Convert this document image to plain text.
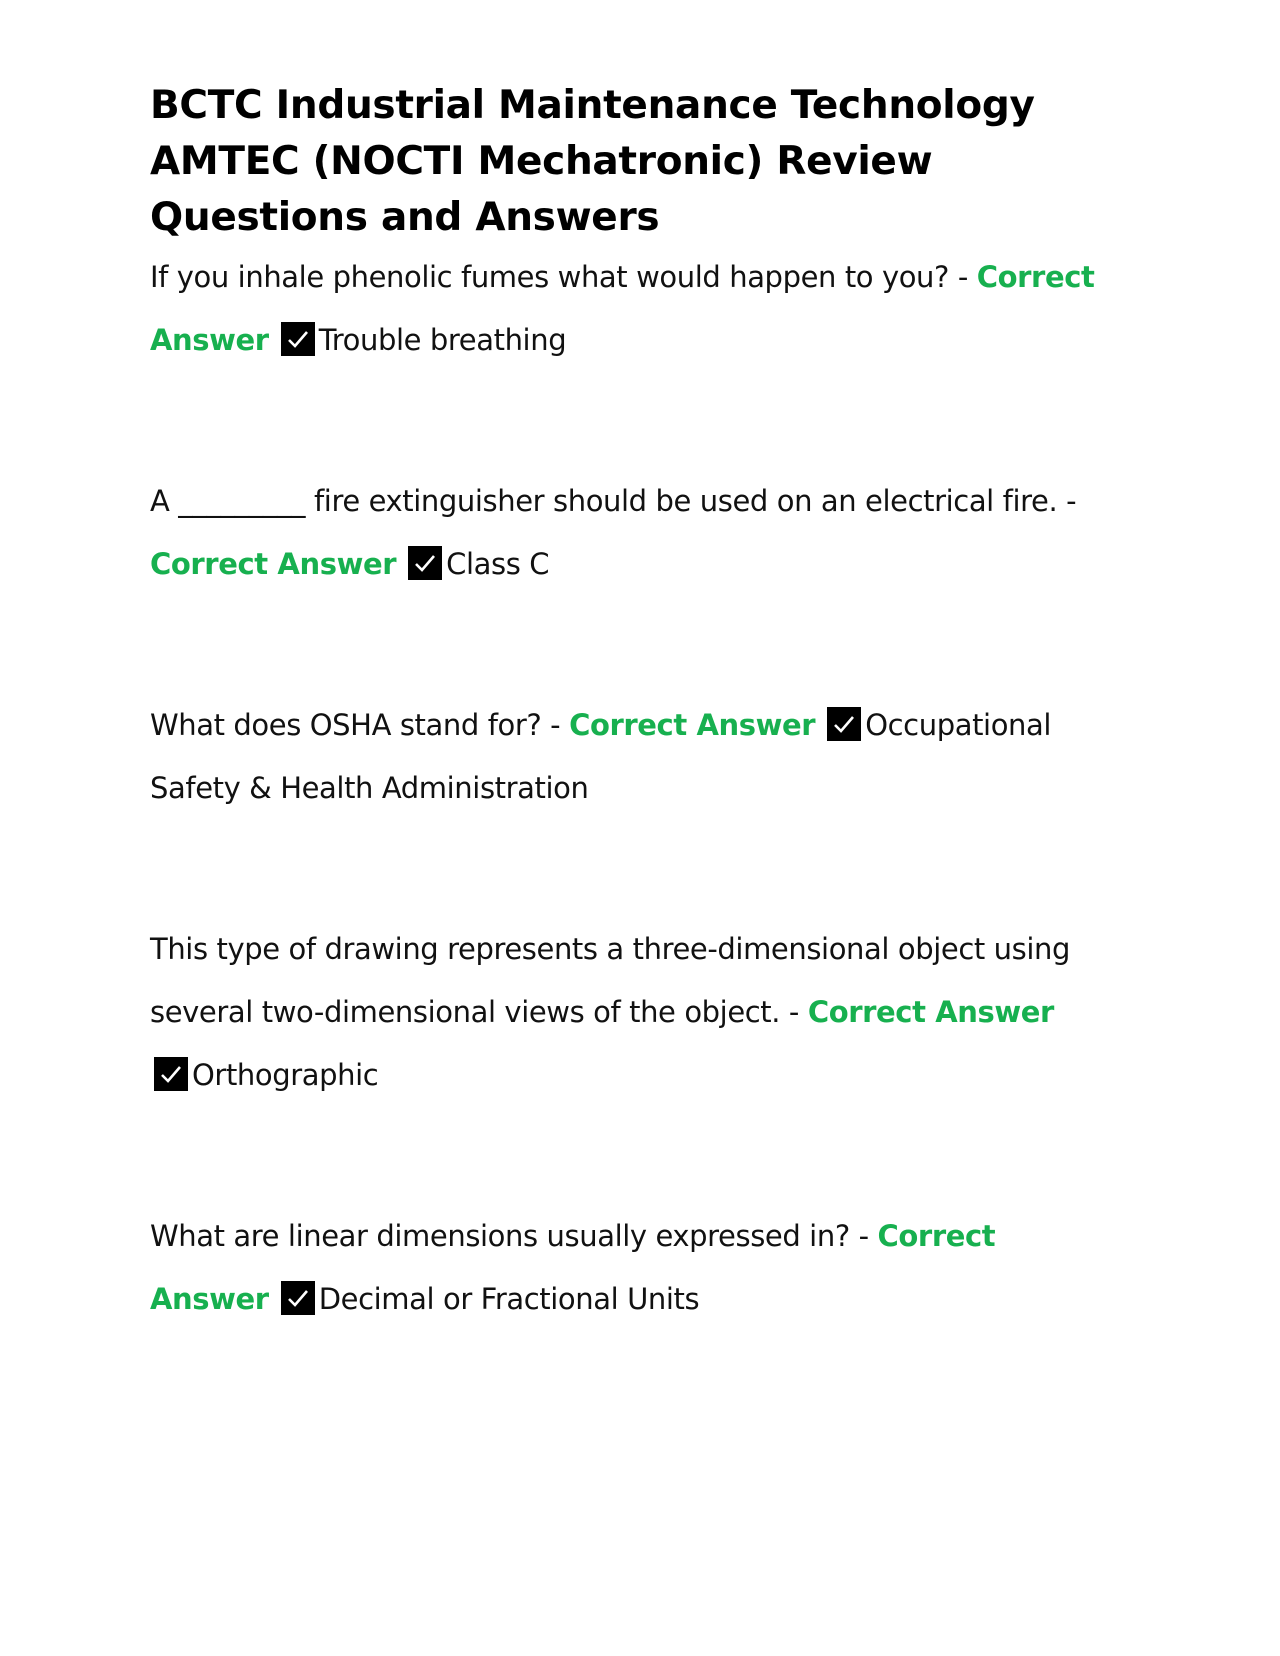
BCTC Industrial Maintenance Technology AMTEC (NOCTI Mechatronic) Review Questions and Answers
If you inhale phenolic fumes what would happen to you? - Correct
Answer Trouble breathing
A _________ fire extinguisher should be used on an electrical fire. -
Correct Answer Class C
What does OSHA stand for? - Correct Answer Occupational
Safety & Health Administration
This type of drawing represents a three-dimensional object using
several two-dimensional views of the object. - Correct Answer
Orthographic
What are linear dimensions usually expressed in? - Correct
Answer Decimal or Fractional Units
